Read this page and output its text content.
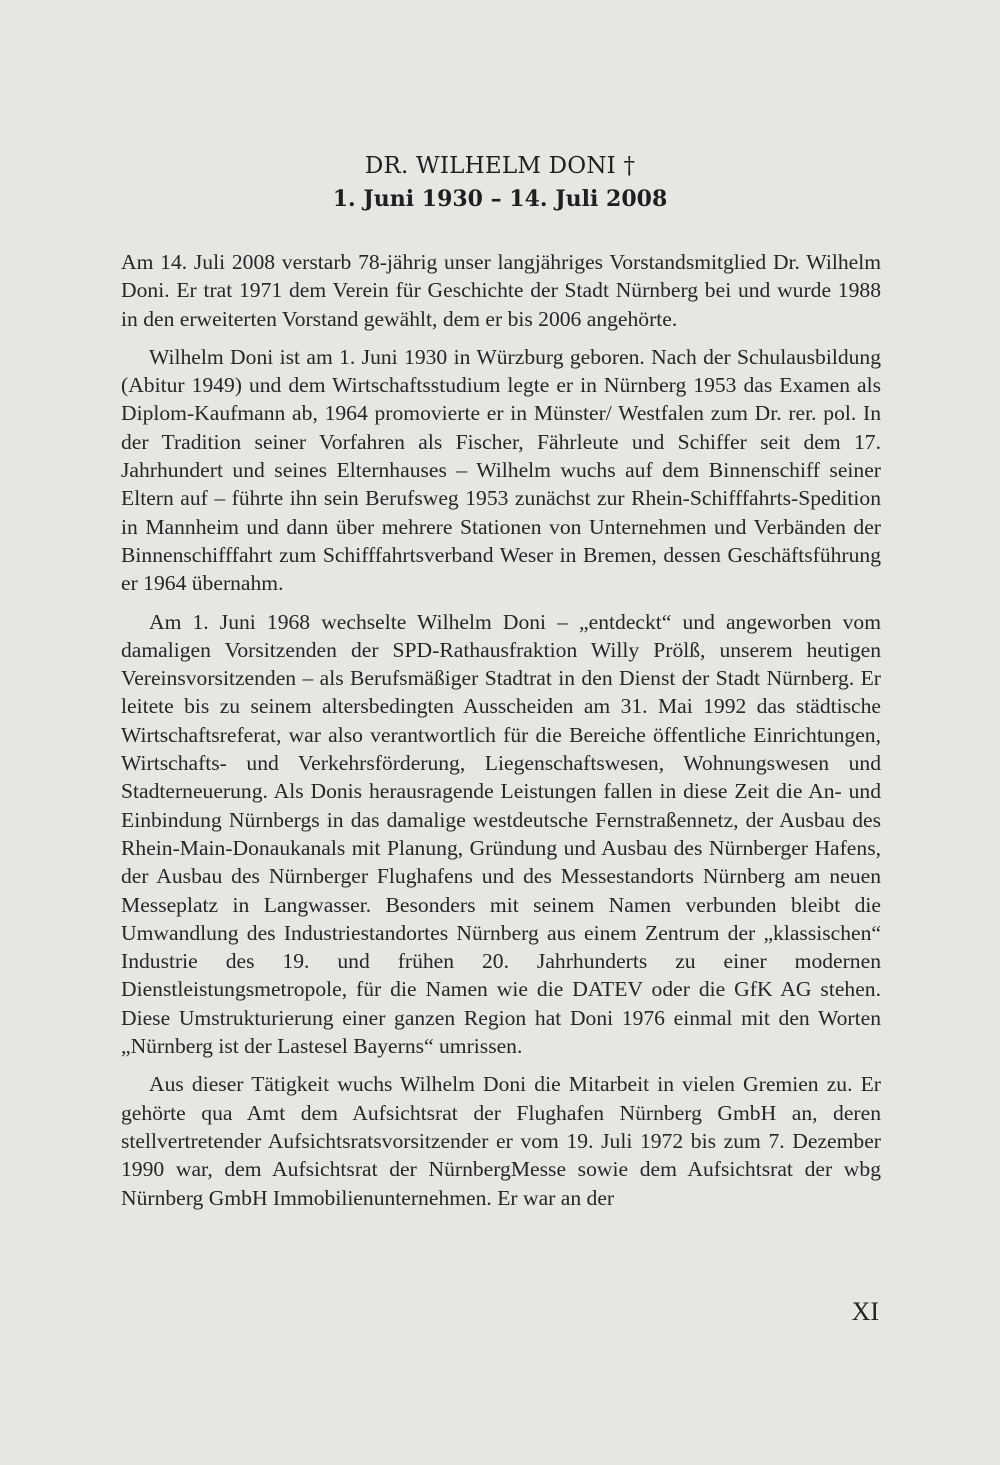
DR. WILHELM DONI †
1. Juni 1930 – 14. Juli 2008

Am 14. Juli 2008 verstarb 78-jährig unser langjähriges Vorstandsmitglied Dr. Wilhelm Doni. Er trat 1971 dem Verein für Geschichte der Stadt Nürnberg bei und wurde 1988 in den erweiterten Vorstand gewählt, dem er bis 2006 angehörte.

Wilhelm Doni ist am 1. Juni 1930 in Würzburg geboren. Nach der Schulausbildung (Abitur 1949) und dem Wirtschaftsstudium legte er in Nürnberg 1953 das Examen als Diplom-Kaufmann ab, 1964 promovierte er in Münster/ Westfalen zum Dr. rer. pol. In der Tradition seiner Vorfahren als Fischer, Fährleute und Schiffer seit dem 17. Jahrhundert und seines Elternhauses – Wilhelm wuchs auf dem Binnenschiff seiner Eltern auf – führte ihn sein Berufsweg 1953 zunächst zur Rhein-Schifffahrts-Spedition in Mannheim und dann über mehrere Stationen von Unternehmen und Verbänden der Binnenschifffahrt zum Schifffahrtsverband Weser in Bremen, dessen Geschäftsführung er 1964 übernahm.

Am 1. Juni 1968 wechselte Wilhelm Doni – „entdeckt“ und angeworben vom damaligen Vorsitzenden der SPD-Rathausfraktion Willy Prölß, unserem heutigen Vereinsvorsitzenden – als Berufsmäßiger Stadtrat in den Dienst der Stadt Nürnberg. Er leitete bis zu seinem altersbedingten Ausscheiden am 31. Mai 1992 das städtische Wirtschaftsreferat, war also verantwortlich für die Bereiche öffentliche Einrichtungen, Wirtschafts- und Verkehrsförderung, Liegenschaftswesen, Wohnungswesen und Stadterneuerung. Als Donis herausragende Leistungen fallen in diese Zeit die An- und Einbindung Nürnbergs in das damalige westdeutsche Fernstraßennetz, der Ausbau des Rhein-Main-Donaukanals mit Planung, Gründung und Ausbau des Nürnberger Hafens, der Ausbau des Nürnberger Flughafens und des Messestandorts Nürnberg am neuen Messeplatz in Langwasser. Besonders mit seinem Namen verbunden bleibt die Umwandlung des Industriestandortes Nürnberg aus einem Zentrum der „klassischen“ Industrie des 19. und frühen 20. Jahrhunderts zu einer modernen Dienstleistungsmetropole, für die Namen wie die DATEV oder die GfK AG stehen. Diese Umstrukturierung einer ganzen Region hat Doni 1976 einmal mit den Worten „Nürnberg ist der Lastesel Bayerns“ umrissen.

Aus dieser Tätigkeit wuchs Wilhelm Doni die Mitarbeit in vielen Gremien zu. Er gehörte qua Amt dem Aufsichtsrat der Flughafen Nürnberg GmbH an, deren stellvertretender Aufsichtsratsvorsitzender er vom 19. Juli 1972 bis zum 7. Dezember 1990 war, dem Aufsichtsrat der NürnbergMesse sowie dem Aufsichtsrat der wbg Nürnberg GmbH Immobilienunternehmen. Er war an der

XI
